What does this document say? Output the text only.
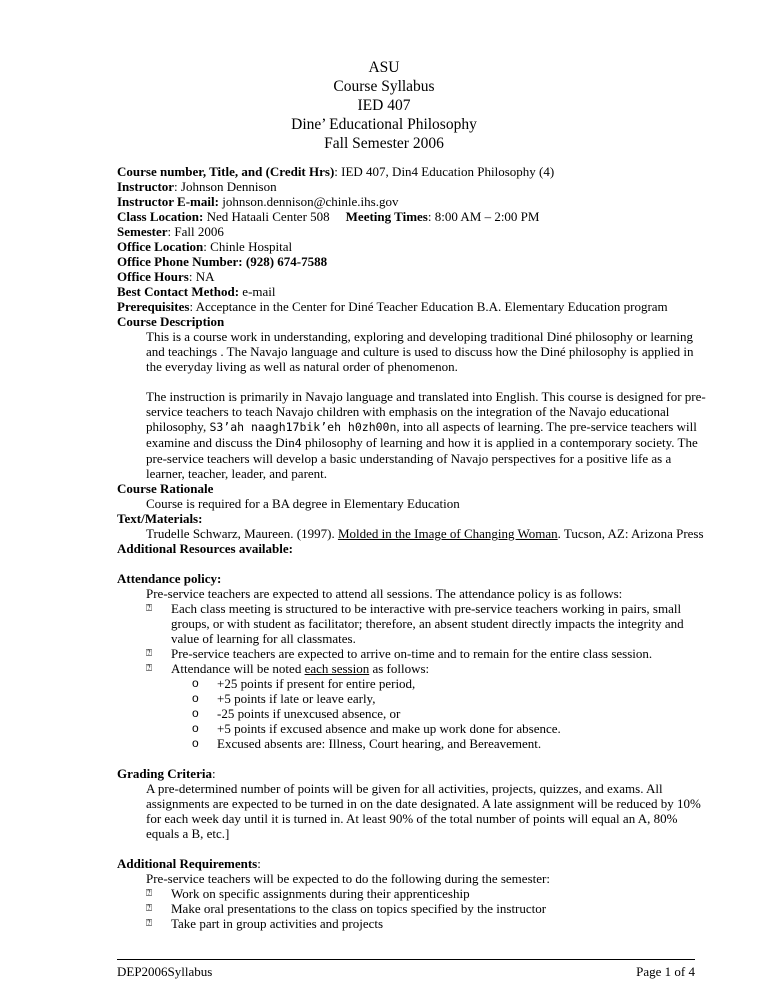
ASU
Course Syllabus
IED 407
Dine’ Educational Philosophy
Fall Semester 2006
Course number, Title, and (Credit Hrs): IED 407, Din4 Education Philosophy (4)
Instructor: Johnson Dennison
Instructor E-mail: johnson.dennison@chinle.ihs.gov
Class Location: Ned Hataali Center 508 Meeting Times: 8:00 AM – 2:00 PM
Semester: Fall 2006
Office Location: Chinle Hospital
Office Phone Number: (928) 674-7588
Office Hours: NA
Best Contact Method: e-mail
Prerequisites: Acceptance in the Center for Diné Teacher Education B.A. Elementary Education program
Course Description
This is a course work in understanding, exploring and developing traditional Diné philosophy or learning
and teachings . The Navajo language and culture is used to discuss how the Diné philosophy is applied in
the everyday living as well as natural order of phenomenon.
The instruction is primarily in Navajo language and translated into English. This course is designed for pre-
service teachers to teach Navajo children with emphasis on the integration of the Navajo educational
philosophy, S3’ah naagh17bik’eh h0zh00n, into all aspects of learning. The pre-service teachers will
examine and discuss the Din4 philosophy of learning and how it is applied in a contemporary society. The
pre-service teachers will develop a basic understanding of Navajo perspectives for a positive life as a
learner, teacher, leader, and parent.
Course Rationale
Course is required for a BA degree in Elementary Education
Text/Materials:
Trudelle Schwarz, Maureen. (1997). Molded in the Image of Changing Woman. Tucson, AZ: Arizona Press
Additional Resources available:
Attendance policy:
Pre-service teachers are expected to attend all sessions. The attendance policy is as follows:
⍰ Each class meeting is structured to be interactive with pre-service teachers working in pairs, small
groups, or with student as facilitator; therefore, an absent student directly impacts the integrity and
value of learning for all classmates.
⍰ Pre-service teachers are expected to arrive on-time and to remain for the entire class session.
⍰ Attendance will be noted each session as follows:
o +25 points if present for entire period,
o +5 points if late or leave early,
o -25 points if unexcused absence, or
o +5 points if excused absence and make up work done for absence.
o Excused absents are: Illness, Court hearing, and Bereavement.
Grading Criteria:
A pre-determined number of points will be given for all activities, projects, quizzes, and exams. All
assignments are expected to be turned in on the date designated. A late assignment will be reduced by 10%
for each week day until it is turned in. At least 90% of the total number of points will equal an A, 80%
equals a B, etc.]
Additional Requirements:
Pre-service teachers will be expected to do the following during the semester:
⍰ Work on specific assignments during their apprenticeship
⍰ Make oral presentations to the class on topics specified by the instructor
⍰ Take part in group activities and projects
DEP2006Syllabus	Page 1 of 4
